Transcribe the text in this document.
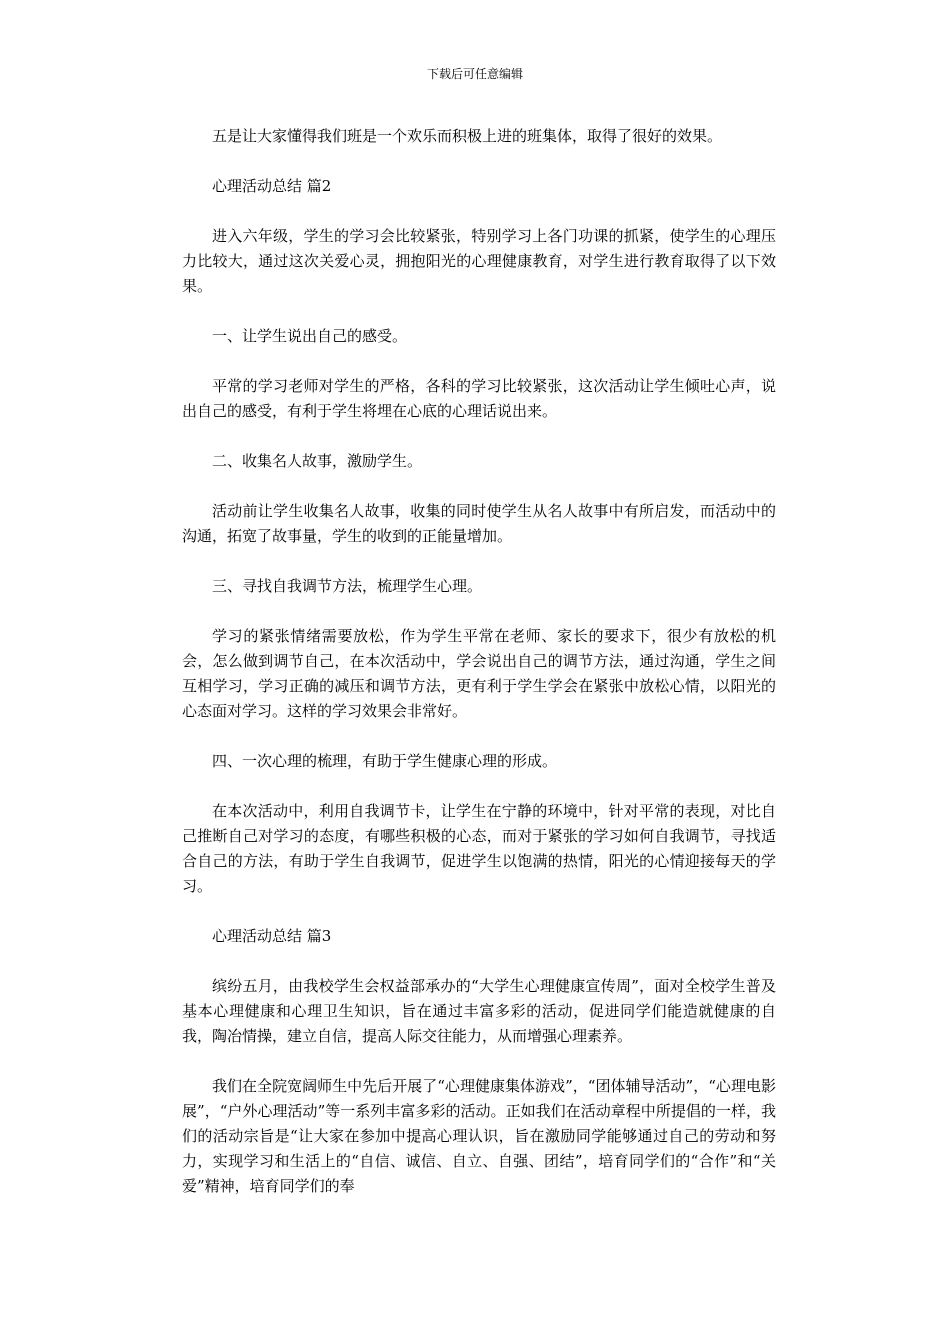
下载后可任意编辑

五是让大家懂得我们班是一个欢乐而积极上进的班集体，取得了很好的效果。

心理活动总结 篇2

进入六年级，学生的学习会比较紧张，特别学习上各门功课的抓紧，使学生的心理压力比较大，通过这次关爱心灵，拥抱阳光的心理健康教育，对学生进行教育取得了以下效果。

一、让学生说出自己的感受。

平常的学习老师对学生的严格，各科的学习比较紧张，这次活动让学生倾吐心声，说出自己的感受，有利于学生将埋在心底的心理话说出来。

二、收集名人故事，激励学生。

活动前让学生收集名人故事，收集的同时使学生从名人故事中有所启发，而活动中的沟通，拓宽了故事量，学生的收到的正能量增加。

三、寻找自我调节方法，梳理学生心理。

学习的紧张情绪需要放松，作为学生平常在老师、家长的要求下，很少有放松的机会，怎么做到调节自己，在本次活动中，学会说出自己的调节方法，通过沟通，学生之间互相学习，学习正确的减压和调节方法，更有利于学生学会在紧张中放松心情，以阳光的心态面对学习。这样的学习效果会非常好。

四、一次心理的梳理，有助于学生健康心理的形成。

在本次活动中，利用自我调节卡，让学生在宁静的环境中，针对平常的表现，对比自己推断自己对学习的态度，有哪些积极的心态，而对于紧张的学习如何自我调节，寻找适合自己的方法，有助于学生自我调节，促进学生以饱满的热情，阳光的心情迎接每天的学习。

心理活动总结 篇3

缤纷五月，由我校学生会权益部承办的“大学生心理健康宣传周”，面对全校学生普及基本心理健康和心理卫生知识，旨在通过丰富多彩的活动，促进同学们能造就健康的自我，陶冶情操，建立自信，提高人际交往能力，从而增强心理素养。

我们在全院宽阔师生中先后开展了“心理健康集体游戏”，“团体辅导活动”，“心理电影展”，“户外心理活动”等一系列丰富多彩的活动。正如我们在活动章程中所提倡的一样，我们的活动宗旨是“让大家在参加中提高心理认识，旨在激励同学能够通过自己的劳动和努力，实现学习和生活上的“自信、诚信、自立、自强、团结”，培育同学们的“合作”和“关爱”精神，培育同学们的奉
